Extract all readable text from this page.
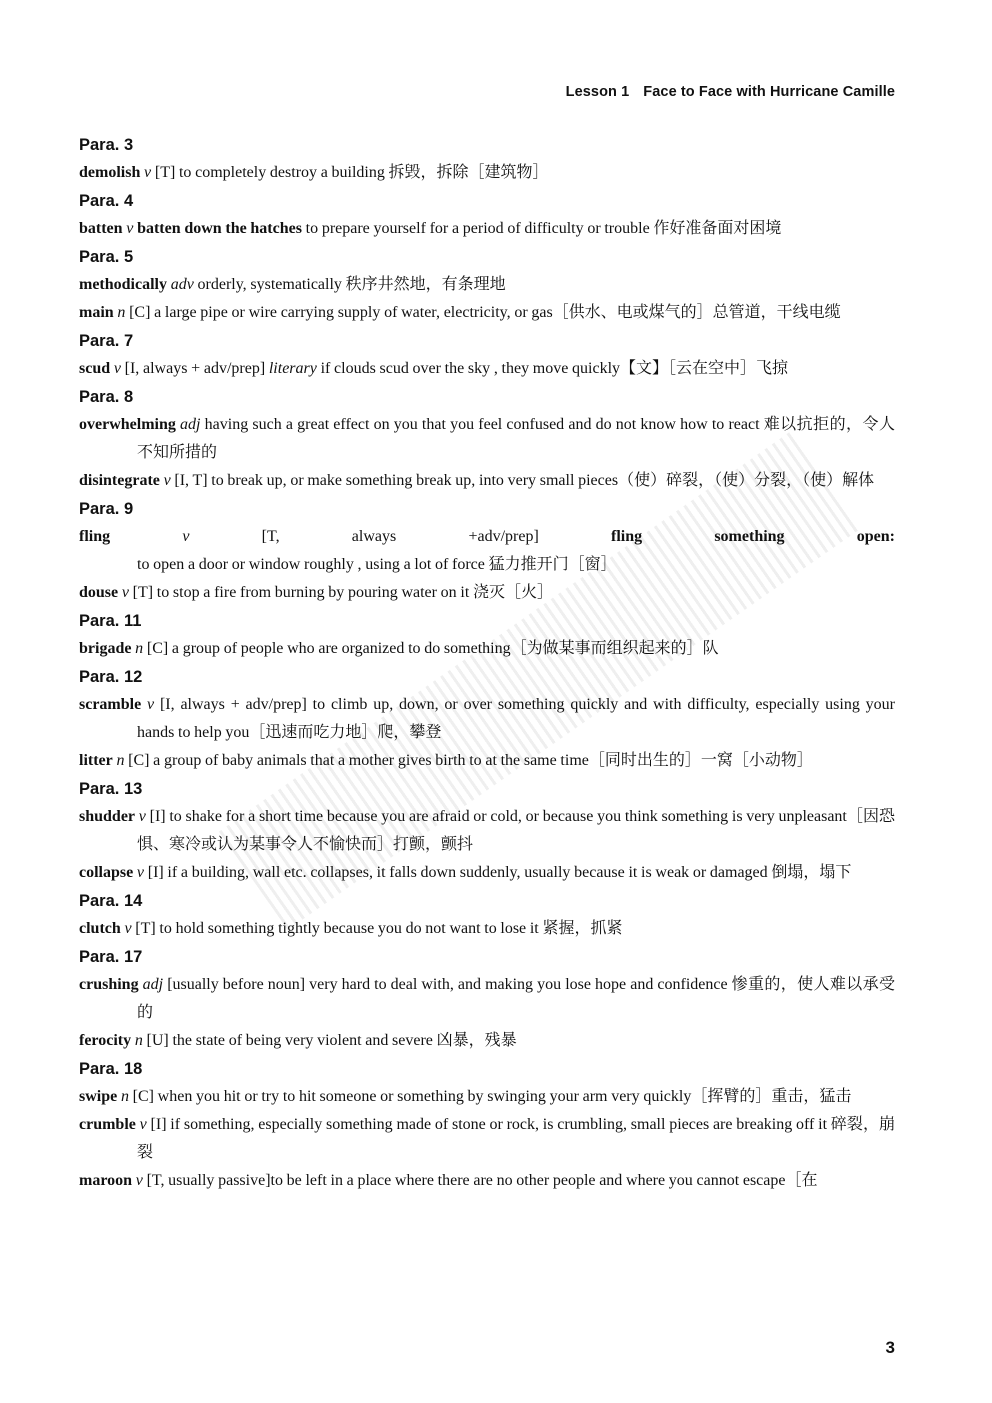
Lesson 1 Face to Face with Hurricane Camille
Para. 3
demolish v [T] to completely destroy a building 拆毁，拆除［建筑物］
Para. 4
batten v batten down the hatches to prepare yourself for a period of difficulty or trouble 作好准备面对困境
Para. 5
methodically adv orderly, systematically 秩序井然地，有条理地
main n [C] a large pipe or wire carrying supply of water, electricity, or gas［供水、电或煤气的］总管道，干线电缆
Para. 7
scud v [I, always + adv/prep] literary if clouds scud over the sky , they move quickly【文】［云在空中］飞掠
Para. 8
overwhelming adj having such a great effect on you that you feel confused and do not know how to react 难以抗拒的，令人不知所措的
disintegrate v [I, T] to break up, or make something break up, into very small pieces（使）碎裂，（使）分裂，（使）解体
Para. 9
fling	v	[T, always +adv/prep]	fling something open: to open a door or window roughly , using a lot of force 猛力推开门［窗］
douse v [T] to stop a fire from burning by pouring water on it 浇灭［火］
Para. 11
brigade n [C] a group of people who are organized to do something［为做某事而组织起来的］队
Para. 12
scramble v [I, always + adv/prep] to climb up, down, or over something quickly and with difficulty, especially using your hands to help you［迅速而吃力地］爬，攀登
litter n [C] a group of baby animals that a mother gives birth to at the same time［同时出生的］一窝［小动物］
Para. 13
shudder v [I] to shake for a short time because you are afraid or cold, or because you think something is very unpleasant［因恐惧、寒冷或认为某事令人不愉快而］打颤，颤抖
collapse v [I] if a building, wall etc. collapses, it falls down suddenly, usually because it is weak or damaged 倒塌，塌下
Para. 14
clutch v [T] to hold something tightly because you do not want to lose it 紧握，抓紧
Para. 17
crushing adj [usually before noun] very hard to deal with, and making you lose hope and confidence 惨重的，使人难以承受的
ferocity n [U] the state of being very violent and severe 凶暴，残暴
Para. 18
swipe n [C] when you hit or try to hit someone or something by swinging your arm very quickly［挥臂的］重击，猛击
crumble v [I] if something, especially something made of stone or rock, is crumbling, small pieces are breaking off it 碎裂，崩裂
maroon v [T, usually passive]to be left in a place where there are no other people and where you cannot escape［在
3
